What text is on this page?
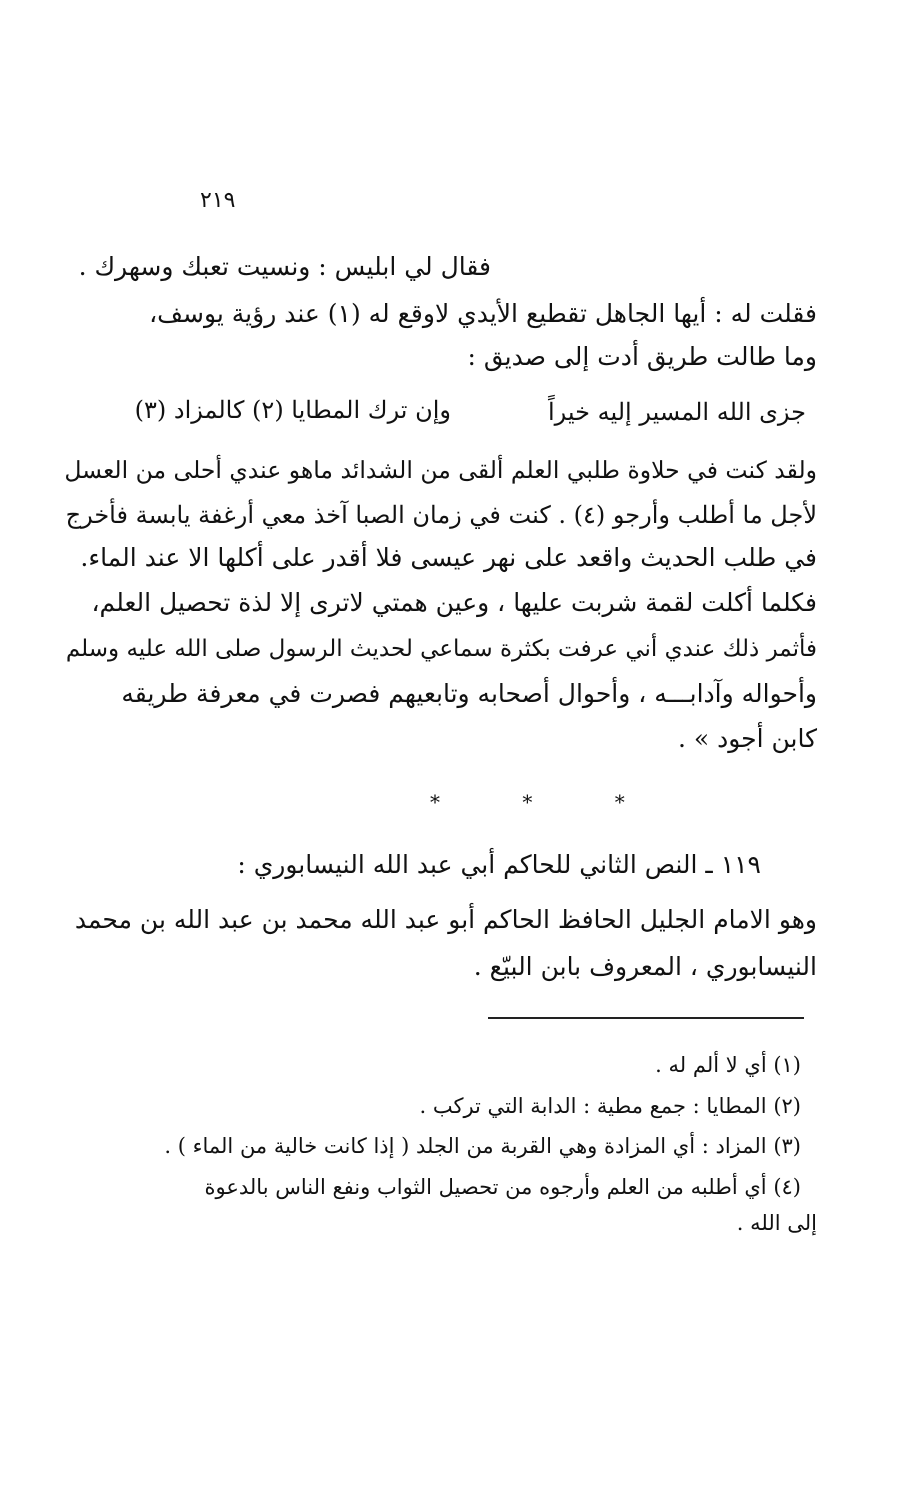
٢١٩
فقال لي ابليس : ونسيت تعبك وسهرك .
فقلت له : أيها الجاهل تقطيع الأيدي لاوقع له (١) عند رؤية يوسف،
وما طالت طريق أدت إلى صديق :
جزى الله المسير إليه خيراً
وإن ترك المطايا (٢) كالمزاد (٣)
ولقد كنت في حلاوة طلبي العلم ألقى من الشدائد ماهو عندي أحلى من العسل
لأجل ما أطلب وأرجو (٤) . كنت في زمان الصبا آخذ معي أرغفة يابسة فأخرج
في طلب الحديث واقعد على نهر عيسى فلا أقدر على أكلها الا عند الماء.
فكلما أكلت لقمة شربت عليها ، وعين همتي لاترى إلا لذة تحصيل العلم،
فأثمر ذلك عندي أني عرفت بكثرة سماعي لحديث الرسول صلى الله عليه وسلم
وأحواله وآدابـــه ، وأحوال أصحابه وتابعيهم فصرت في معرفة طريقه
كابن أجود » .
* * *
١١٩ ـ النص الثاني للحاكم أبي عبد الله النيسابوري :
وهو الامام الجليل الحافظ الحاكم أبو عبد الله محمد بن عبد الله بن محمد
النيسابوري ، المعروف بابن البيّع .
(١) أي لا ألم له .
(٢) المطايا : جمع مطية : الدابة التي تركب .
(٣) المزاد : أي المزادة وهي القربة من الجلد ( إذا كانت خالية من الماء ) .
(٤) أي أطلبه من العلم وأرجوه من تحصيل الثواب ونفع الناس بالدعوة
إلى الله .
